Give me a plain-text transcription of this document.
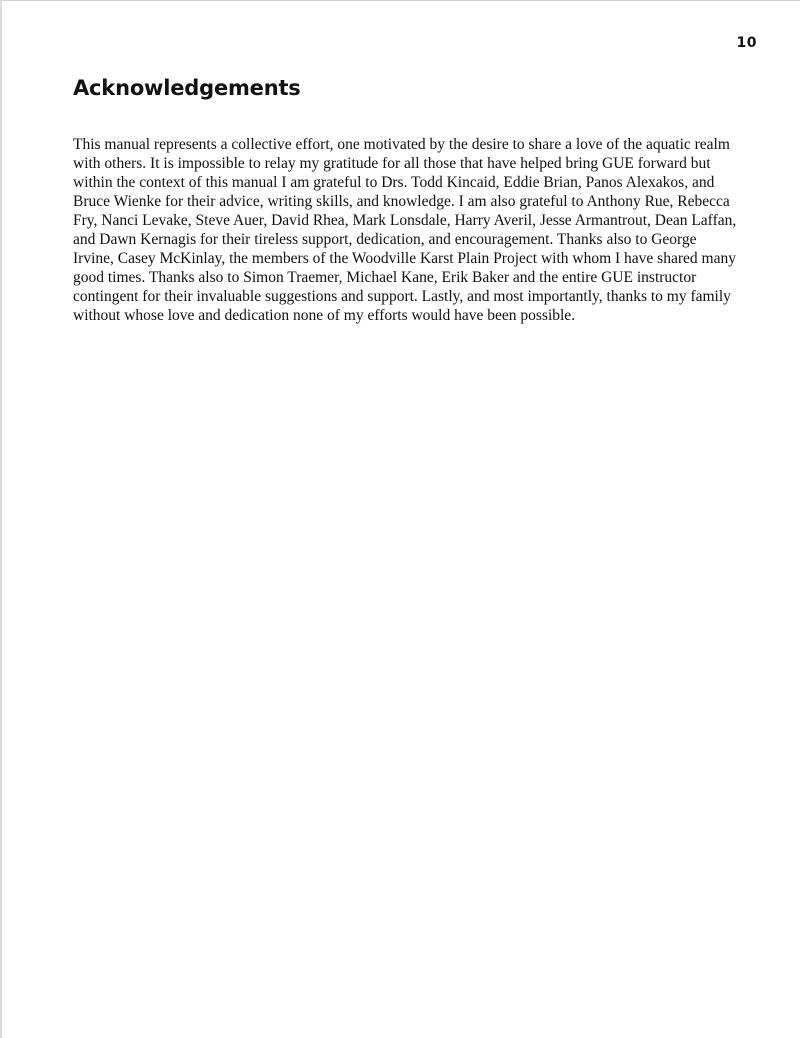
10
Acknowledgements

This manual represents a collective effort, one motivated by the desire to share a love of the aquatic realm
with others. It is impossible to relay my gratitude for all those that have helped bring GUE forward but
within the context of this manual I am grateful to Drs. Todd Kincaid, Eddie Brian, Panos Alexakos, and
Bruce Wienke for their advice, writing skills, and knowledge. I am also grateful to Anthony Rue, Rebecca
Fry, Nanci Levake, Steve Auer, David Rhea, Mark Lonsdale, Harry Averil, Jesse Armantrout, Dean Laffan,
and Dawn Kernagis for their tireless support, dedication, and encouragement. Thanks also to George
Irvine, Casey McKinlay, the members of the Woodville Karst Plain Project with whom I have shared many
good times. Thanks also to Simon Traemer, Michael Kane, Erik Baker and the entire GUE instructor
contingent for their invaluable suggestions and support. Lastly, and most importantly, thanks to my family
without whose love and dedication none of my efforts would have been possible.
